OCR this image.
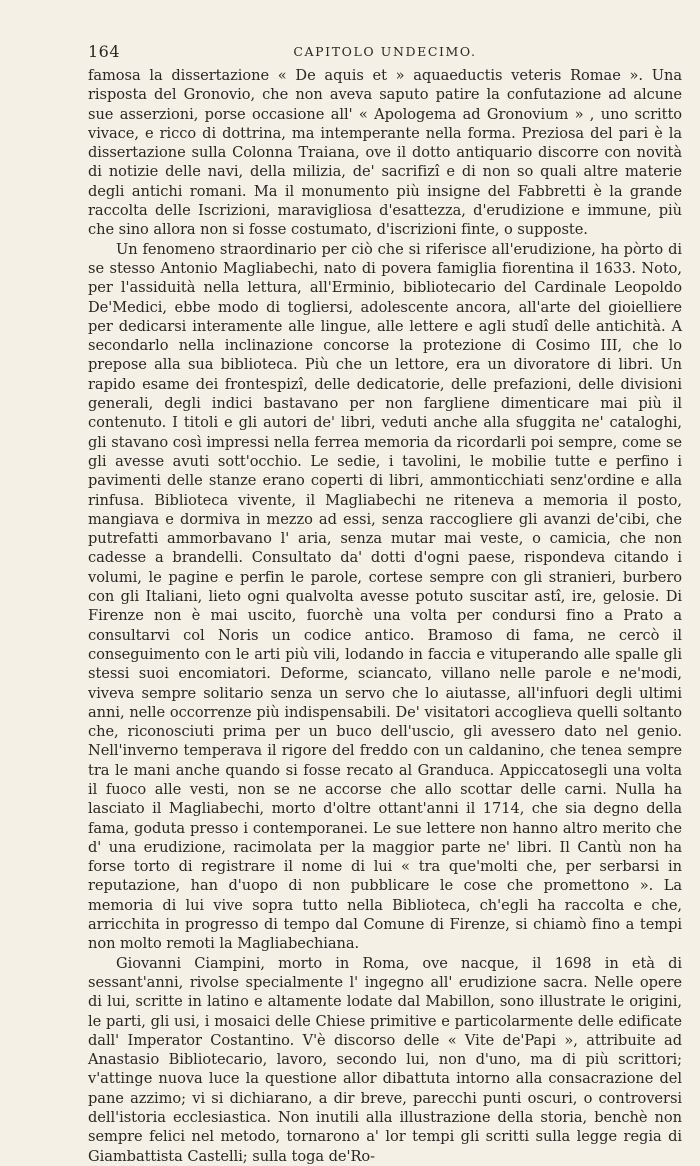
164	CAPITOLO UNDECIMO.

famosa la dissertazione « De aquis et » aquaeductis veteris Romae ». Una risposta del Gronovio, che non aveva saputo patire la confutazione ad alcune sue asserzioni, porse occasione all' « Apologema ad Gronovium » , uno scritto vivace, e ricco di dottrina, ma intemperante nella forma. Preziosa del pari è la dissertazione sulla Colonna Traiana, ove il dotto antiquario discorre con novità di notizie delle navi, della milizia, de' sacrifizî e di non so quali altre materie degli antichi romani. Ma il monumento più insigne del Fabbretti è la grande raccolta delle Iscrizioni, maravigliosa d'esattezza, d'erudizione e immune, più che sino allora non si fosse costumato, d'iscrizioni finte, o supposte.

Un fenomeno straordinario per ciò che si riferisce all'erudizione, ha pòrto di se stesso Antonio Magliabechi, nato di povera famiglia fiorentina il 1633. Noto, per l'assiduità nella lettura, all'Erminio, bibliotecario del Cardinale Leopoldo De'Medici, ebbe modo di togliersi, adolescente ancora, all'arte del gioielliere per dedicarsi interamente alle lingue, alle lettere e agli studî delle antichità. A secondarlo nella inclinazione concorse la protezione di Cosimo III, che lo prepose alla sua biblioteca. Più che un lettore, era un divoratore di libri. Un rapido esame dei frontespizî, delle dedicatorie, delle prefazioni, delle divisioni generali, degli indici bastavano per non fargliene dimenticare mai più il contenuto. I titoli e gli autori de' libri, veduti anche alla sfuggita ne' cataloghi, gli stavano così impressi nella ferrea memoria da ricordarli poi sempre, come se gli avesse avuti sott'occhio. Le sedie, i tavolini, le mobilie tutte e perfino i pavimenti delle stanze erano coperti di libri, ammonticchiati senz'ordine e alla rinfusa. Biblioteca vivente, il Magliabechi ne riteneva a memoria il posto, mangiava e dormiva in mezzo ad essi, senza raccogliere gli avanzi de'cibi, che putrefatti ammorbavano l' aria, senza mutar mai veste, o camicia, che non cadesse a brandelli. Consultato da' dotti d'ogni paese, rispondeva citando i volumi, le pagine e perfin le parole, cortese sempre con gli stranieri, burbero con gli Italiani, lieto ogni qualvolta avesse potuto suscitar astî, ire, gelosie. Di Firenze non è mai uscito, fuorchè una volta per condursi fino a Prato a consultarvi col Noris un codice antico. Bramoso di fama, ne cercò il conseguimento con le arti più vili, lodando in faccia e vituperando alle spalle gli stessi suoi encomiatori. Deforme, sciancato, villano nelle parole e ne'modi, viveva sempre solitario senza un servo che lo aiutasse, all'infuori degli ultimi anni, nelle occorrenze più indispensabili. De' visitatori accoglieva quelli soltanto che, riconosciuti prima per un buco dell'uscio, gli avessero dato nel genio. Nell'inverno temperava il rigore del freddo con un caldanino, che tenea sempre tra le mani anche quando si fosse recato al Granduca. Appiccatosegli una volta il fuoco alle vesti, non se ne accorse che allo scottar delle carni. Nulla ha lasciato il Magliabechi, morto d'oltre ottant'anni il 1714, che sia degno della fama, goduta presso i contemporanei. Le sue lettere non hanno altro merito che d' una erudizione, racimolata per la maggior parte ne' libri. Il Cantù non ha forse torto di registrare il nome di lui « tra que'molti che, per serbarsi in reputazione, han d'uopo di non pubblicare le cose che promettono ». La memoria di lui vive sopra tutto nella Biblioteca, ch'egli ha raccolta e che, arricchita in progresso di tempo dal Comune di Firenze, si chiamò fino a tempi non molto remoti la Magliabechiana.

Giovanni Ciampini, morto in Roma, ove nacque, il 1698 in età di sessant'anni, rivolse specialmente l' ingegno all' erudizione sacra. Nelle opere di lui, scritte in latino e altamente lodate dal Mabillon, sono illustrate le origini, le parti, gli usi, i mosaici delle Chiese primitive e particolarmente delle edificate dall' Imperator Costantino. V'è discorso delle « Vite de'Papi », attribuite ad Anastasio Bibliotecario, lavoro, secondo lui, non d'uno, ma di più scrittori; v'attinge nuova luce la questione allor dibattuta intorno alla consacrazione del pane azzimo; vi si dichiarano, a dir breve, parecchi punti oscuri, o controversi dell'istoria ecclesiastica. Non inutili alla illustrazione della storia, benchè non sempre felici nel metodo, tornarono a' lor tempi gli scritti sulla legge regia di Giambattista Castelli; sulla toga de'Ro-
